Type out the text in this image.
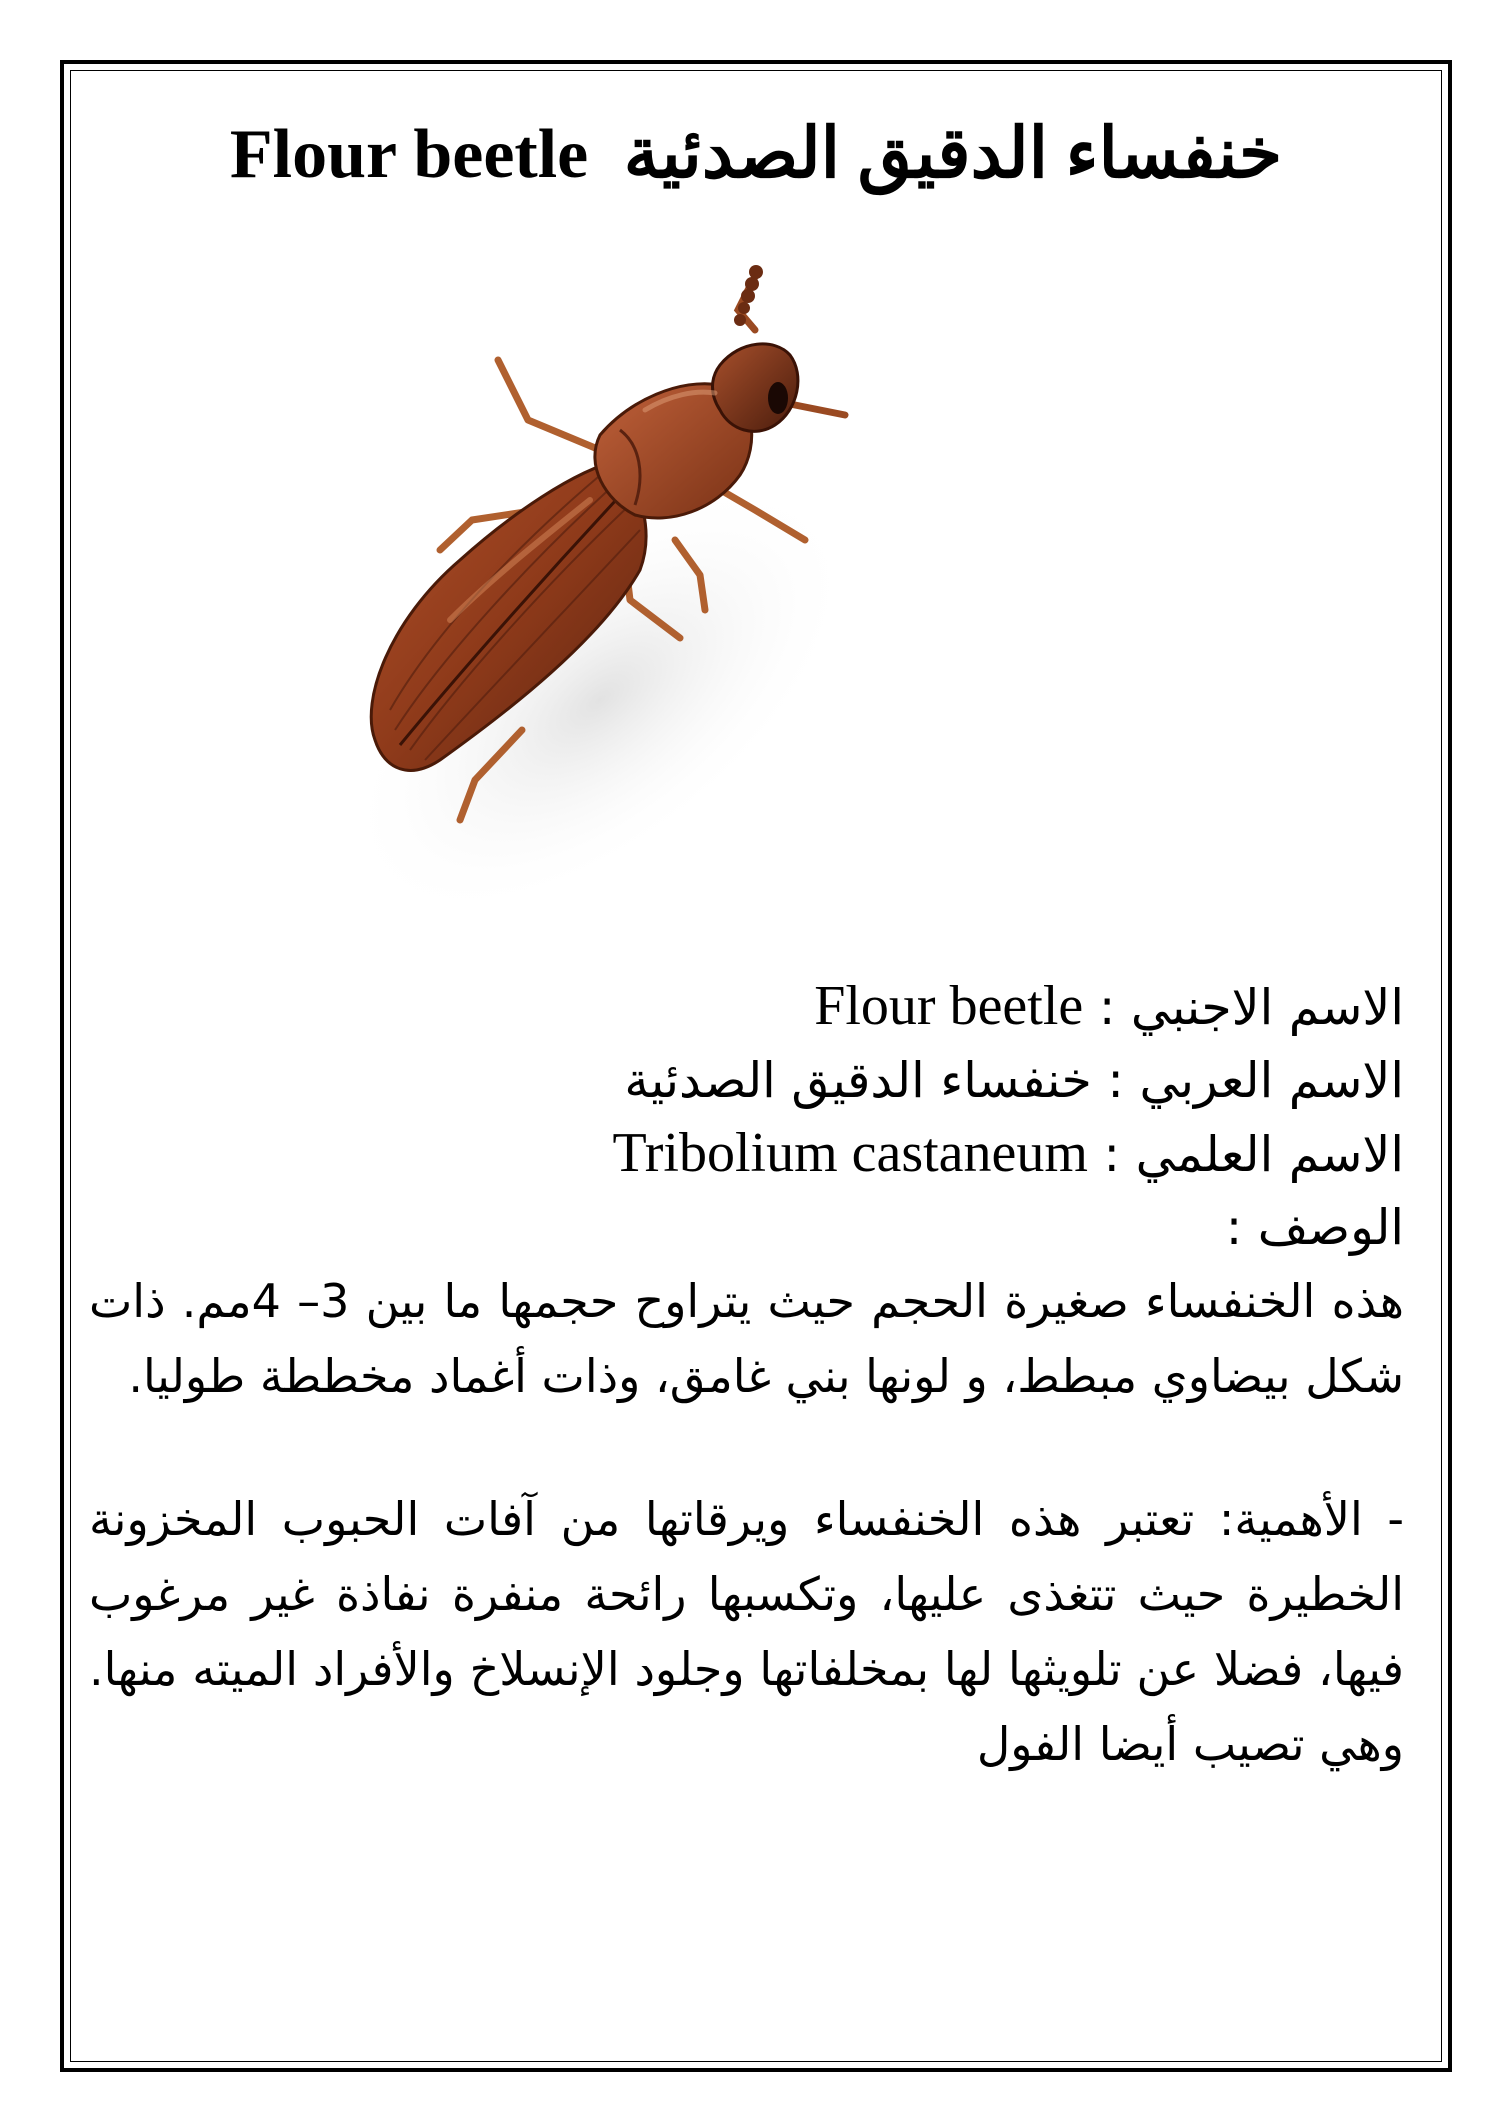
خنفساء الدقيق الصدئية Flour beetle
الاسم الاجنبي : Flour beetle
الاسم العربي : خنفساء الدقيق الصدئية
الاسم العلمي : Tribolium castaneum
الوصف :
هذه الخنفساء صغيرة الحجم حيث يتراوح حجمها ما بين 3– 4مم. ذات شكل بيضاوي مبطط، و لونها بني غامق، وذات أغماد مخططة طوليا.
- الأهمية: تعتبر هذه الخنفساء ويرقاتها من آفات الحبوب المخزونة الخطيرة حيث تتغذى عليها، وتكسبها رائحة منفرة نفاذة غير مرغوب فيها، فضلا عن تلويثها لها بمخلفاتها وجلود الإنسلاخ والأفراد الميته منها. وهي تصيب أيضا الفول
